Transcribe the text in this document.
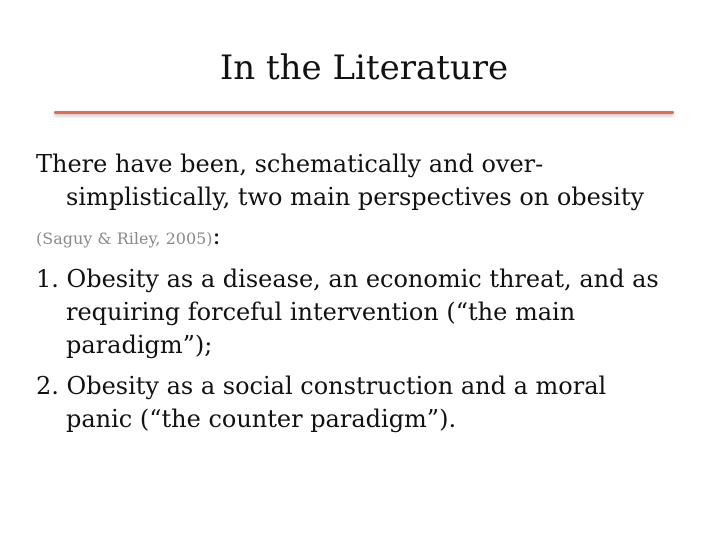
In the Literature

There have been, schematically and over-simplistically, two main perspectives on obesity (Saguy & Riley, 2005):

1. Obesity as a disease, an economic threat, and as requiring forceful intervention (“the main paradigm”);

2. Obesity as a social construction and a moral panic (“the counter paradigm”).
